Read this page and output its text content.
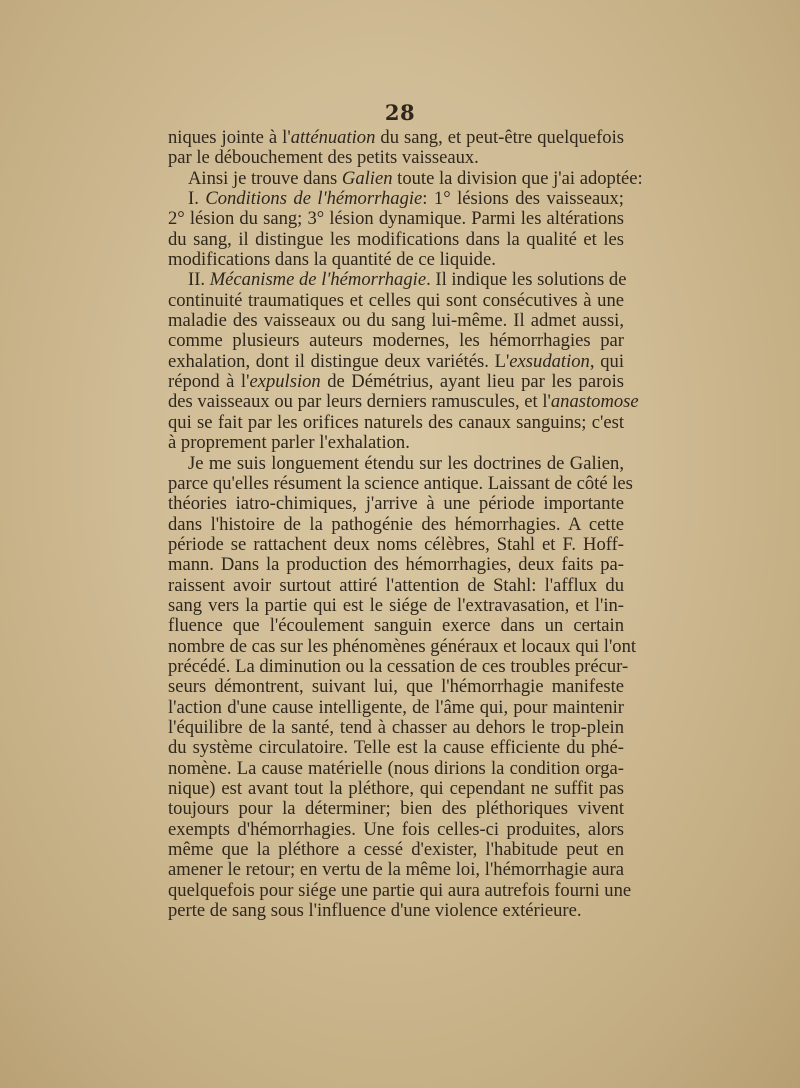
28
niques jointe à l'atténuation du sang, et peut-être quelquefois
par le débouchement des petits vaisseaux.
Ainsi je trouve dans Galien toute la division que j'ai adoptée:
I. Conditions de l'hémorrhagie: 1° lésions des vaisseaux;
2° lésion du sang; 3° lésion dynamique. Parmi les altérations
du sang, il distingue les modifications dans la qualité et les
modifications dans la quantité de ce liquide.
II. Mécanisme de l'hémorrhagie. Il indique les solutions de
continuité traumatiques et celles qui sont consécutives à une
maladie des vaisseaux ou du sang lui-même. Il admet aussi,
comme plusieurs auteurs modernes, les hémorrhagies par
exhalation, dont il distingue deux variétés. L'exsudation, qui
répond à l'expulsion de Démétrius, ayant lieu par les parois
des vaisseaux ou par leurs derniers ramuscules, et l'anastomose
qui se fait par les orifices naturels des canaux sanguins; c'est
à proprement parler l'exhalation.
Je me suis longuement étendu sur les doctrines de Galien,
parce qu'elles résument la science antique. Laissant de côté les
théories iatro-chimiques, j'arrive à une période importante
dans l'histoire de la pathogénie des hémorrhagies. A cette
période se rattachent deux noms célèbres, Stahl et F. Hoff-
mann. Dans la production des hémorrhagies, deux faits pa-
raissent avoir surtout attiré l'attention de Stahl: l'afflux du
sang vers la partie qui est le siége de l'extravasation, et l'in-
fluence que l'écoulement sanguin exerce dans un certain
nombre de cas sur les phénomènes généraux et locaux qui l'ont
précédé. La diminution ou la cessation de ces troubles précur-
seurs démontrent, suivant lui, que l'hémorrhagie manifeste
l'action d'une cause intelligente, de l'âme qui, pour maintenir
l'équilibre de la santé, tend à chasser au dehors le trop-plein
du système circulatoire. Telle est la cause efficiente du phé-
nomène. La cause matérielle (nous dirions la condition orga-
nique) est avant tout la pléthore, qui cependant ne suffit pas
toujours pour la déterminer; bien des pléthoriques vivent
exempts d'hémorrhagies. Une fois celles-ci produites, alors
même que la pléthore a cessé d'exister, l'habitude peut en
amener le retour; en vertu de la même loi, l'hémorrhagie aura
quelquefois pour siége une partie qui aura autrefois fourni une
perte de sang sous l'influence d'une violence extérieure.
